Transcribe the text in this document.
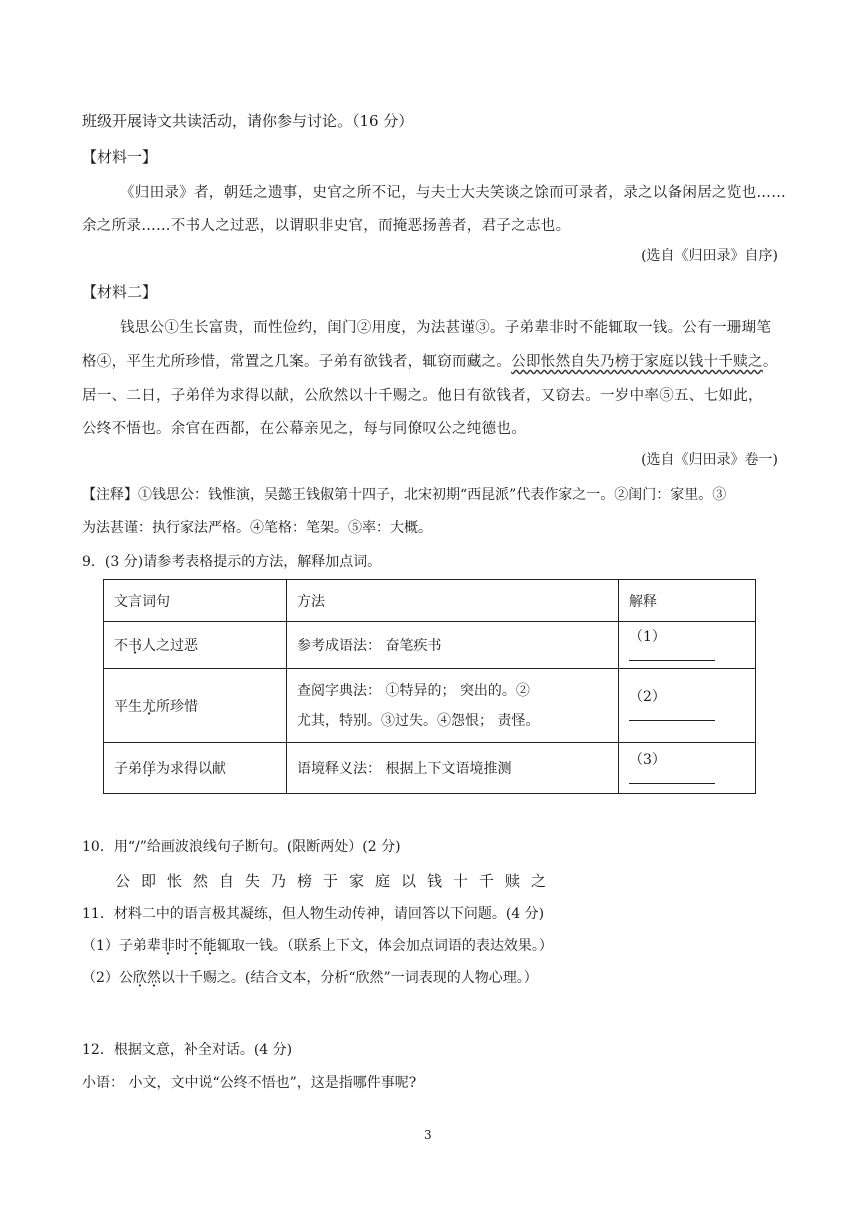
班级开展诗文共读活动，请你参与讨论。（16 分）
【材料一】
《归田录》者，朝廷之遗事，史官之所不记，与夫士大夫笑谈之馀而可录者，录之以备闲居之览也……
余之所录……不书人之过恶，以谓职非史官，而掩恶扬善者，君子之志也。
(选自《归田录》自序)
【材料二】
钱思公①生长富贵，而性俭约，闺门②用度，为法甚谨③。子弟辈非时不能辄取一钱。公有一珊瑚笔
格④，平生尤所珍惜，常置之几案。子弟有欲钱者，辄窃而藏之。公即怅然自失乃榜于家庭以钱十千赎之。
居一、二日，子弟佯为求得以献，公欣然以十千赐之。他日有欲钱者，又窃去。一岁中率⑤五、七如此，
公终不悟也。余官在西都，在公幕亲见之，每与同僚叹公之纯德也。
(选自《归田录》卷一)
【注释】①钱思公：钱惟演，吴懿王钱俶第十四子，北宋初期“西昆派”代表作家之一。②闺门：家里。③
为法甚谨：执行家法严格。④笔格：笔架。⑤率：大概。
9．(3 分)请参考表格提示的方法，解释加点词。
文言词句	方法	解释
不书人之过恶	参考成语法： 奋笔疾书	（1）
平生尤所珍惜	查阅字典法： ①特异的； 突出的。②
尤其，特别。③过失。④怨恨； 责怪。	（2）
子弟佯为求得以献	语境释义法： 根据上下文语境推测	（3）
10．用“/”给画波浪线句子断句。(限断两处）(2 分)
公即怅然自失乃榜于家庭以钱十千赎之
11．材料二中的语言极其凝练，但人物生动传神，请回答以下问题。(4 分)
（1）子弟辈非时不能辄取一钱。（联系上下文，体会加点词语的表达效果。）
（2）公欣然以十千赐之。(结合文本，分析“欣然”一词表现的人物心理。）
12．根据文意，补全对话。(4 分)
小语： 小文，文中说“公终不悟也”，这是指哪件事呢?
3
